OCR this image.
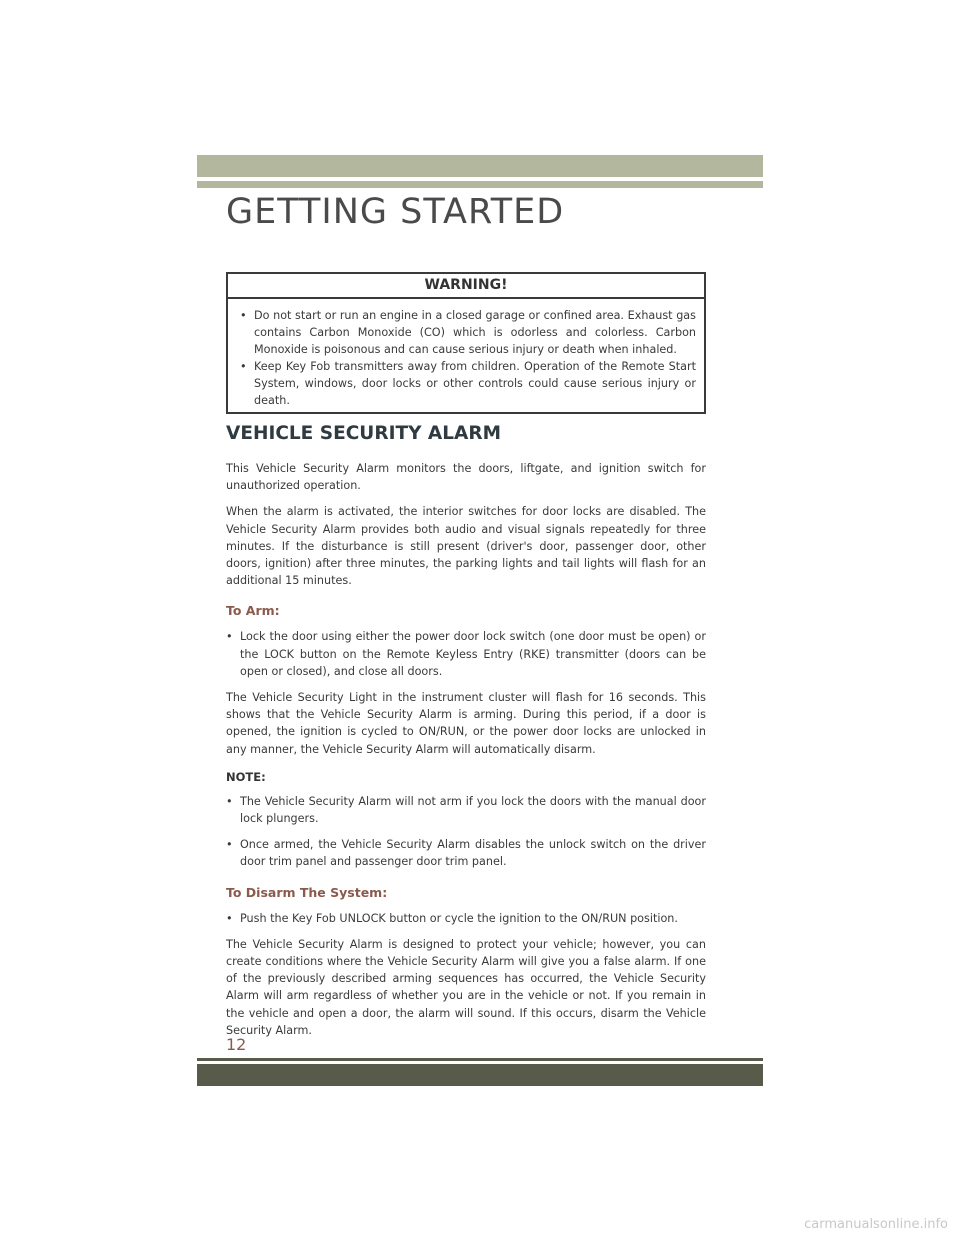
GETTING STARTED
WARNING!
• Do not start or run an engine in a closed garage or confined area. Exhaust gas contains Carbon Monoxide (CO) which is odorless and colorless. Carbon Monoxide is poisonous and can cause serious injury or death when inhaled.
• Keep Key Fob transmitters away from children. Operation of the Remote Start System, windows, door locks or other controls could cause serious injury or death.
VEHICLE SECURITY ALARM

This Vehicle Security Alarm monitors the doors, liftgate, and ignition switch for unauthorized operation.

When the alarm is activated, the interior switches for door locks are disabled. The Vehicle Security Alarm provides both audio and visual signals repeatedly for three minutes. If the disturbance is still present (driver's door, passenger door, other doors, ignition) after three minutes, the parking lights and tail lights will flash for an additional 15 minutes.

To Arm:
• Lock the door using either the power door lock switch (one door must be open) or the LOCK button on the Remote Keyless Entry (RKE) transmitter (doors can be open or closed), and close all doors.

The Vehicle Security Light in the instrument cluster will flash for 16 seconds. This shows that the Vehicle Security Alarm is arming. During this period, if a door is opened, the ignition is cycled to ON/RUN, or the power door locks are unlocked in any manner, the Vehicle Security Alarm will automatically disarm.

NOTE:
• The Vehicle Security Alarm will not arm if you lock the doors with the manual door lock plungers.
• Once armed, the Vehicle Security Alarm disables the unlock switch on the driver door trim panel and passenger door trim panel.
To Disarm The System:
• Push the Key Fob UNLOCK button or cycle the ignition to the ON/RUN position.

The Vehicle Security Alarm is designed to protect your vehicle; however, you can create conditions where the Vehicle Security Alarm will give you a false alarm. If one of the previously described arming sequences has occurred, the Vehicle Security Alarm will arm regardless of whether you are in the vehicle or not. If you remain in the vehicle and open a door, the alarm will sound. If this occurs, disarm the Vehicle Security Alarm.

12
carmanualsonline.info
